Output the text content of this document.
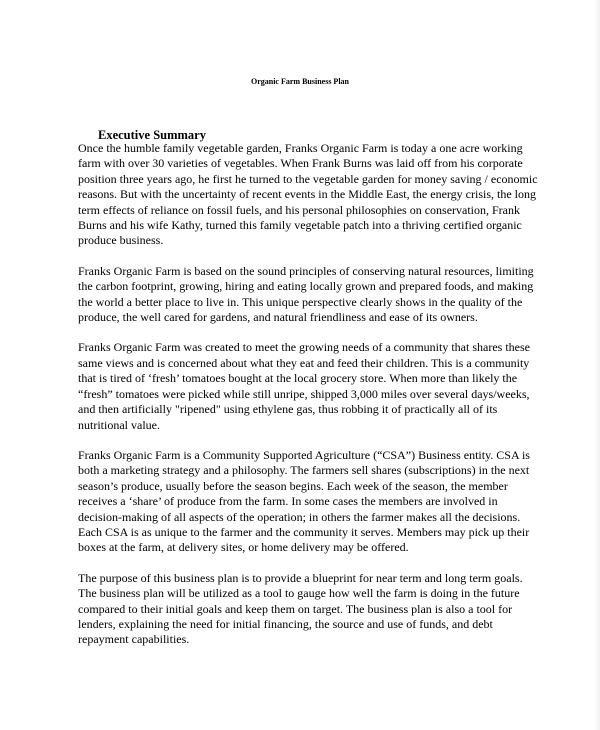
Organic Farm Business Plan
Executive Summary

Once the humble family vegetable garden, Franks Organic Farm is today a one acre working
farm with over 30 varieties of vegetables. When Frank Burns was laid off from his corporate
position three years ago, he first he turned to the vegetable garden for money saving / economic
reasons. But with the uncertainty of recent events in the Middle East, the energy crisis, the long
term effects of reliance on fossil fuels, and his personal philosophies on conservation, Frank
Burns and his wife Kathy, turned this family vegetable patch into a thriving certified organic
produce business.

Franks Organic Farm is based on the sound principles of conserving natural resources, limiting
the carbon footprint, growing, hiring and eating locally grown and prepared foods, and making
the world a better place to live in. This unique perspective clearly shows in the quality of the
produce, the well cared for gardens, and natural friendliness and ease of its owners.

Franks Organic Farm was created to meet the growing needs of a community that shares these
same views and is concerned about what they eat and feed their children. This is a community
that is tired of ‘fresh’ tomatoes bought at the local grocery store. When more than likely the
“fresh” tomatoes were picked while still unripe, shipped 3,000 miles over several days/weeks,
and then artificially "ripened" using ethylene gas, thus robbing it of practically all of its
nutritional value.

Franks Organic Farm is a Community Supported Agriculture (“CSA”) Business entity. CSA is
both a marketing strategy and a philosophy. The farmers sell shares (subscriptions) in the next
season’s produce, usually before the season begins. Each week of the season, the member
receives a ‘share’ of produce from the farm. In some cases the members are involved in
decision-making of all aspects of the operation; in others the farmer makes all the decisions.
Each CSA is as unique to the farmer and the community it serves. Members may pick up their
boxes at the farm, at delivery sites, or home delivery may be offered.

The purpose of this business plan is to provide a blueprint for near term and long term goals.
The business plan will be utilized as a tool to gauge how well the farm is doing in the future
compared to their initial goals and keep them on target. The business plan is also a tool for
lenders, explaining the need for initial financing, the source and use of funds, and debt
repayment capabilities.
